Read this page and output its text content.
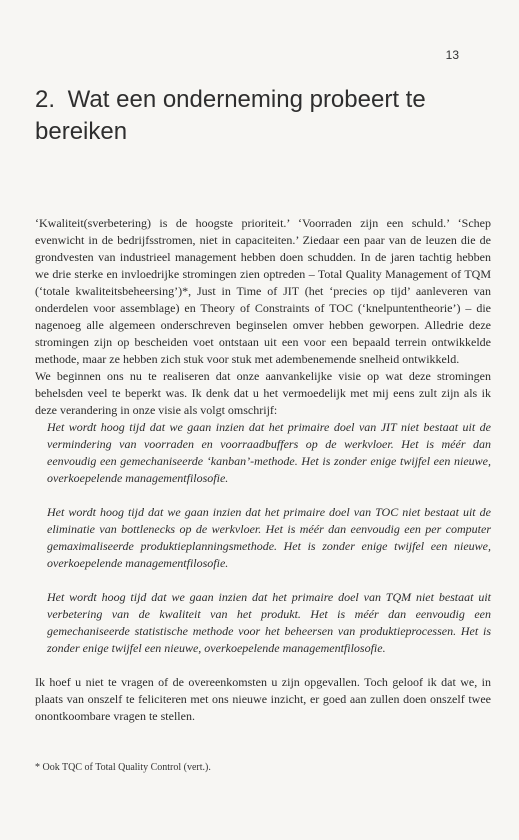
13
2. Wat een onderneming probeert te bereiken

‘Kwaliteit(sverbetering) is de hoogste prioriteit.’ ‘Voorraden zijn een schuld.’ ‘Schep evenwicht in de bedrijfsstromen, niet in capaciteiten.’ Ziedaar een paar van de leuzen die de grondvesten van industrieel management hebben doen schudden. In de jaren tachtig hebben we drie sterke en invloedrijke stromingen zien optreden – Total Quality Management of TQM (‘totale kwaliteitsbeheersing’)*, Just in Time of JIT (het ‘precies op tijd’ aanleveren van onderdelen voor assemblage) en Theory of Constraints of TOC (‘knelpuntentheorie’) – die nagenoeg alle algemeen onderschreven beginselen omver hebben geworpen. Alledrie deze stromingen zijn op bescheiden voet ontstaan uit een voor een bepaald terrein ontwikkelde methode, maar ze hebben zich stuk voor stuk met adembenemende snelheid ontwikkeld.

We beginnen ons nu te realiseren dat onze aanvankelijke visie op wat deze stromingen behelsden veel te beperkt was. Ik denk dat u het vermoedelijk met mij eens zult zijn als ik deze verandering in onze visie als volgt omschrijf:

Het wordt hoog tijd dat we gaan inzien dat het primaire doel van JIT niet bestaat uit de vermindering van voorraden en voorraadbuffers op de werkvloer. Het is méér dan eenvoudig een gemechaniseerde ‘kanban’-methode. Het is zonder enige twijfel een nieuwe, overkoepelende managementfilosofie.

Het wordt hoog tijd dat we gaan inzien dat het primaire doel van TOC niet bestaat uit de eliminatie van bottlenecks op de werkvloer. Het is méér dan eenvoudig een per computer gemaximaliseerde produktieplanningsmethode. Het is zonder enige twijfel een nieuwe, overkoepelende managementfilosofie.

Het wordt hoog tijd dat we gaan inzien dat het primaire doel van TQM niet bestaat uit verbetering van de kwaliteit van het produkt. Het is méér dan eenvoudig een gemechaniseerde statistische methode voor het beheersen van produktieprocessen. Het is zonder enige twijfel een nieuwe, overkoepelende managementfilosofie.

Ik hoef u niet te vragen of de overeenkomsten u zijn opgevallen. Toch geloof ik dat we, in plaats van onszelf te feliciteren met ons nieuwe inzicht, er goed aan zullen doen onszelf twee onontkoombare vragen te stellen.

* Ook TQC of Total Quality Control (vert.).
